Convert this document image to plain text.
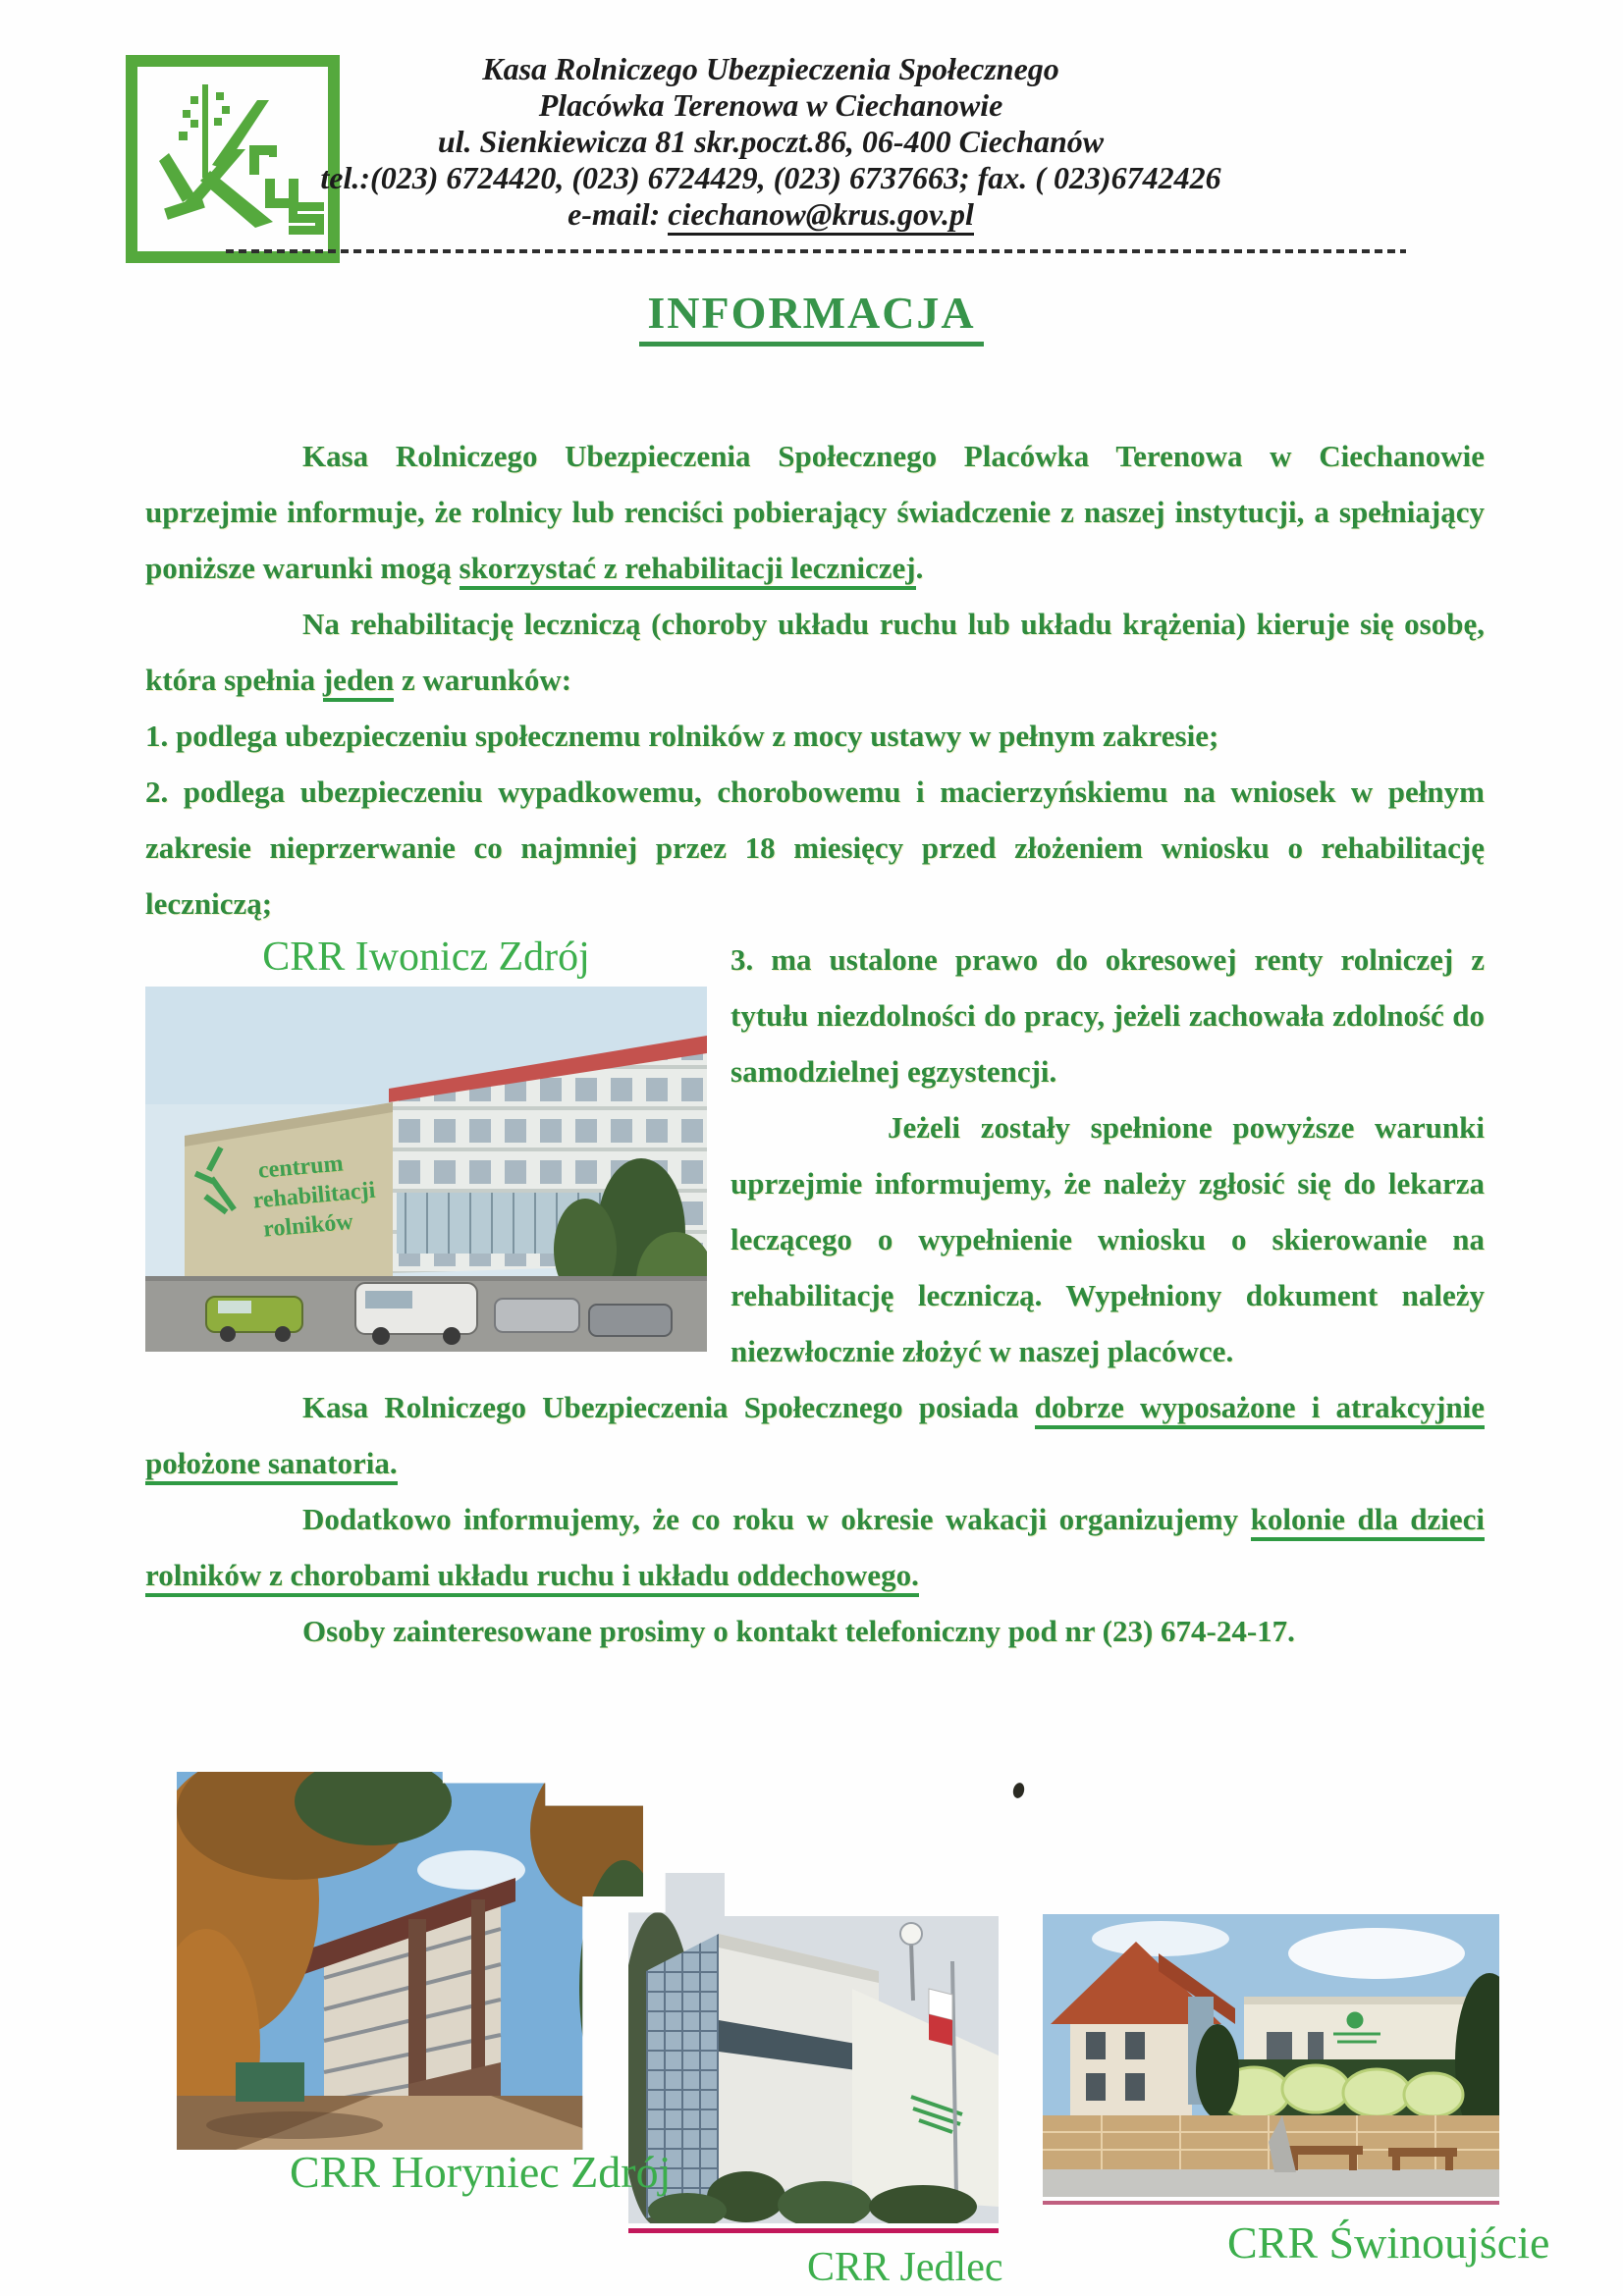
Kasa Rolniczego Ubezpieczenia Społecznego
Placówka Terenowa w Ciechanowie
ul. Sienkiewicza 81 skr.poczt.86, 06-400 Ciechanów
tel.:(023) 6724420, (023) 6724429, (023) 6737663; fax. ( 023)6742426
e-mail: ciechanow@krus.gov.pl
INFORMACJA

Kasa Rolniczego Ubezpieczenia Społecznego Placówka Terenowa w Ciechanowie uprzejmie informuje, że rolnicy lub renciści pobierający świadczenie z naszej instytucji, a spełniający poniższe warunki mogą skorzystać z rehabilitacji leczniczej.

Na rehabilitację leczniczą (choroby układu ruchu lub układu krążenia) kieruje się osobę, która spełnia jeden z warunków:

1. podlega ubezpieczeniu społecznemu rolników z mocy ustawy w pełnym zakresie;

2. podlega ubezpieczeniu wypadkowemu, chorobowemu i macierzyńskiemu na wniosek w pełnym zakresie nieprzerwanie co najmniej przez 18 miesięcy przed złożeniem wniosku o rehabilitację leczniczą;

CRR Iwonicz Zdrój
centrum
rehabilitacji
rolników

3. ma ustalone prawo do okresowej renty rolniczej z tytułu niezdolności do pracy, jeżeli zachowała zdolność do samodzielnej egzystencji.

Jeżeli zostały spełnione powyższe warunki uprzejmie informujemy, że należy zgłosić się do lekarza leczącego o wypełnienie wniosku o skierowanie na rehabilitację leczniczą. Wypełniony dokument należy niezwłocznie złożyć w naszej placówce.

Kasa Rolniczego Ubezpieczenia Społecznego posiada dobrze wyposażone i atrakcyjnie położone sanatoria.

Dodatkowo informujemy, że co roku w okresie wakacji organizujemy kolonie dla dzieci rolników z chorobami układu ruchu i układu oddechowego.

Osoby zainteresowane prosimy o kontakt telefoniczny pod nr (23) 674-24-17.

CRR Horyniec Zdrój
CRR Jedlec	CRR Świnoujście
